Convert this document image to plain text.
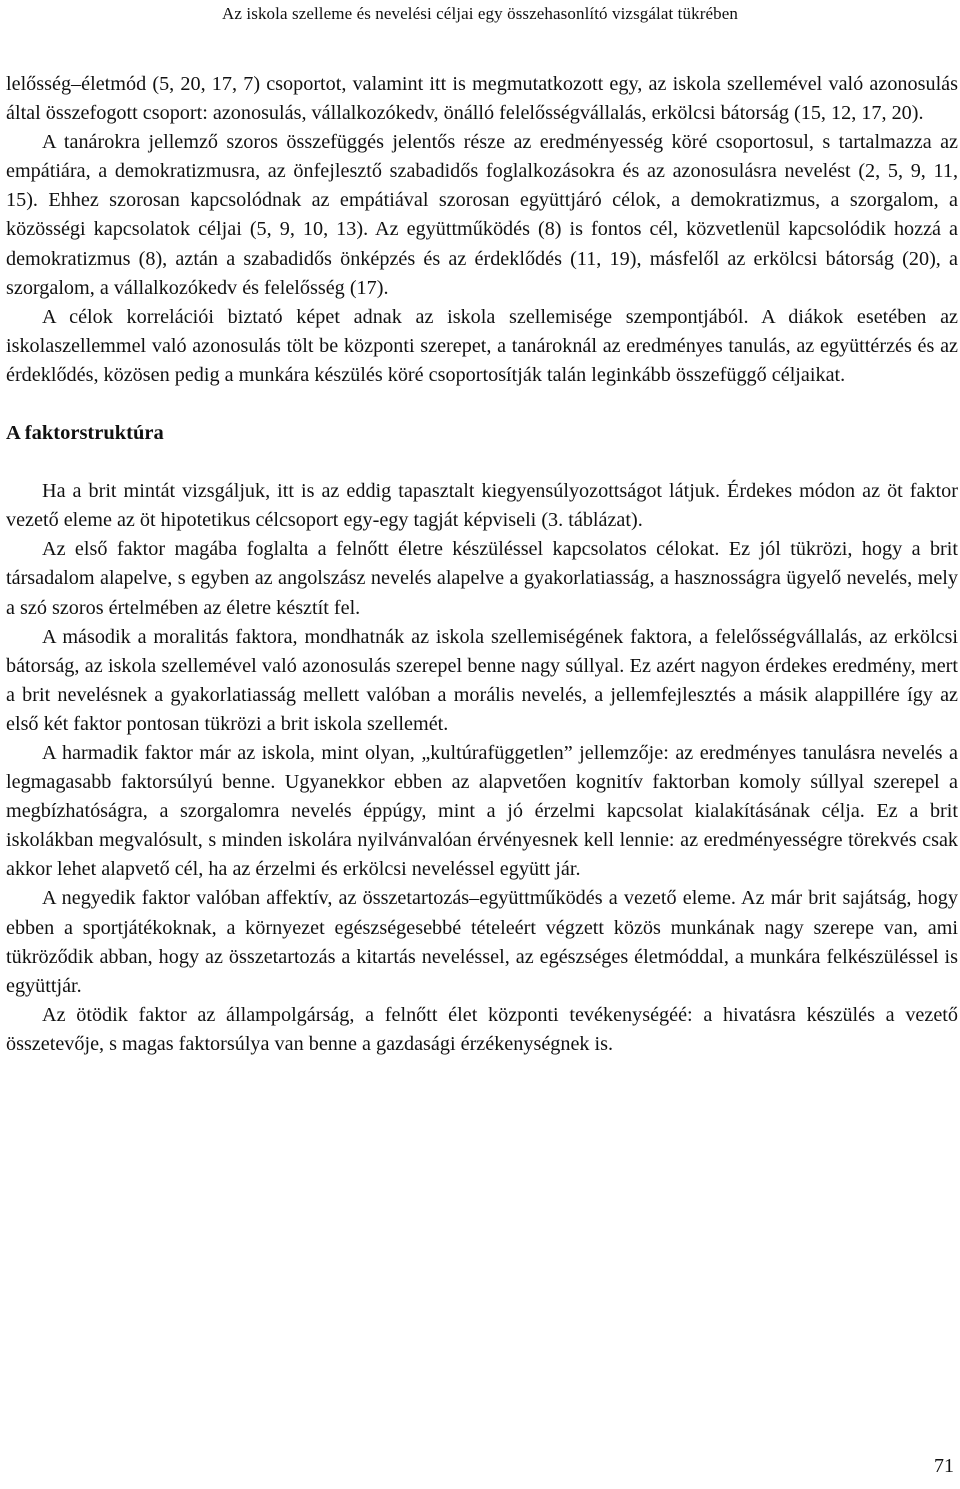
Az iskola szelleme és nevelési céljai egy összehasonlító vizsgálat tükrében

lelősség–életmód (5, 20, 17, 7) csoportot, valamint itt is megmutatkozott egy, az iskola szellemével való azonosulás által összefogott csoport: azonosulás, vállalkozókedv, önálló felelősségvállalás, erkölcsi bátorság (15, 12, 17, 20).

A tanárokra jellemző szoros összefüggés jelentős része az eredményesség köré csoportosul, s tartalmazza az empátiára, a demokratizmusra, az önfejlesztő szabadidős foglalkozásokra és az azonosulásra nevelést (2, 5, 9, 11, 15). Ehhez szorosan kapcsolódnak az empátiával szorosan együttjáró célok, a demokratizmus, a szorgalom, a közösségi kapcsolatok céljai (5, 9, 10, 13). Az együttműködés (8) is fontos cél, közvetlenül kapcsolódik hozzá a demokratizmus (8), aztán a szabadidős önképzés és az érdeklődés (11, 19), másfelől az erkölcsi bátorság (20), a szorgalom, a vállalkozókedv és felelősség (17).

A célok korrelációi biztató képet adnak az iskola szellemisége szempontjából. A diákok esetében az iskolaszellemmel való azonosulás tölt be központi szerepet, a tanároknál az eredményes tanulás, az együttérzés és az érdeklődés, közösen pedig a munkára készülés köré csoportosítják talán leginkább összefüggő céljaikat.

A faktorstruktúra

Ha a brit mintát vizsgáljuk, itt is az eddig tapasztalt kiegyensúlyozottságot látjuk. Érdekes módon az öt faktor vezető eleme az öt hipotetikus célcsoport egy-egy tagját képviseli (3. táblázat).

Az első faktor magába foglalta a felnőtt életre készüléssel kapcsolatos célokat. Ez jól tükrözi, hogy a brit társadalom alapelve, s egyben az angolszász nevelés alapelve a gyakorlatiasság, a hasznosságra ügyelő nevelés, mely a szó szoros értelmében az életre késztít fel.

A második a moralitás faktora, mondhatnák az iskola szellemiségének faktora, a felelősségvállalás, az erkölcsi bátorság, az iskola szellemével való azonosulás szerepel benne nagy súllyal. Ez azért nagyon érdekes eredmény, mert a brit nevelésnek a gyakorlatiasság mellett valóban a morális nevelés, a jellemfejlesztés a másik alappillére így az első két faktor pontosan tükrözi a brit iskola szellemét.

A harmadik faktor már az iskola, mint olyan, „kultúrafüggetlen” jellemzője: az eredményes tanulásra nevelés a legmagasabb faktorsúlyú benne. Ugyanekkor ebben az alapvetően kognitív faktorban komoly súllyal szerepel a megbízhatóságra, a szorgalomra nevelés éppúgy, mint a jó érzelmi kapcsolat kialakításának célja. Ez a brit iskolákban megvalósult, s minden iskolára nyilvánvalóan érvényesnek kell lennie: az eredményességre törekvés csak akkor lehet alapvető cél, ha az érzelmi és erkölcsi neveléssel együtt jár.

A negyedik faktor valóban affektív, az összetartozás–együttműködés a vezető eleme. Az már brit sajátság, hogy ebben a sportjátékoknak, a környezet egészségesebbé tételeért végzett közös munkának nagy szerepe van, ami tükröződik abban, hogy az összetartozás a kitartás neveléssel, az egészséges életmóddal, a munkára felkészüléssel is együttjár.

Az ötödik faktor az állampolgárság, a felnőtt élet központi tevékenységéé: a hivatásra készülés a vezető összetevője, s magas faktorsúlya van benne a gazdasági érzékenységnek is.

71
